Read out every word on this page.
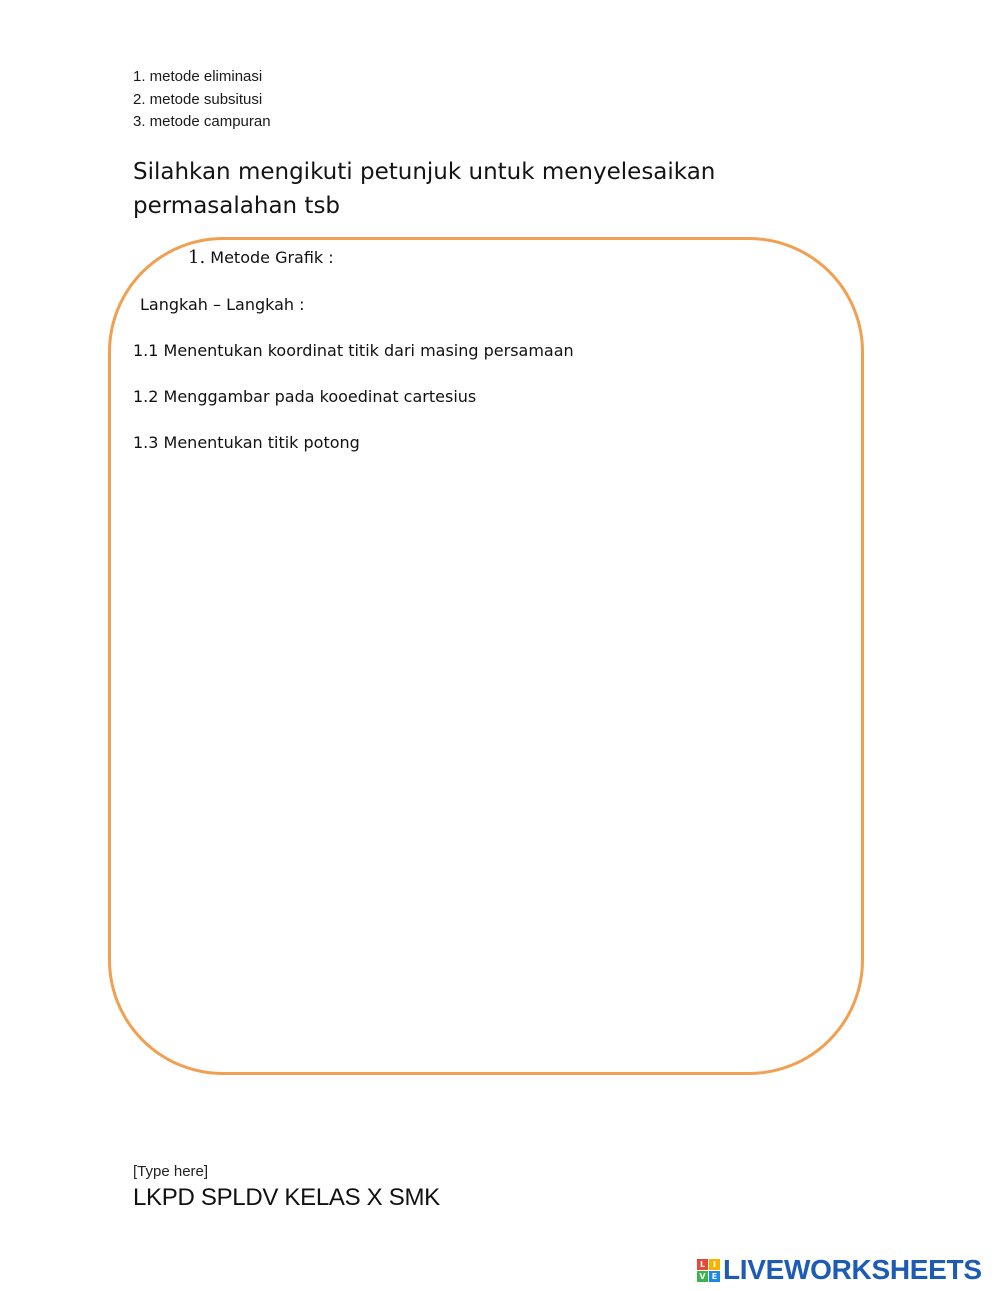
1. metode eliminasi
2. metode subsitusi
3. metode campuran
Silahkan mengikuti petunjuk untuk menyelesaikan permasalahan tsb
1. Metode Grafik :
Langkah – Langkah :
1.1 Menentukan koordinat titik dari masing persamaan
1.2 Menggambar pada kooedinat cartesius
1.3 Menentukan titik potong
[Type here]
LKPD SPLDV KELAS X SMK
L I
V E LIVEWORKSHEETS
